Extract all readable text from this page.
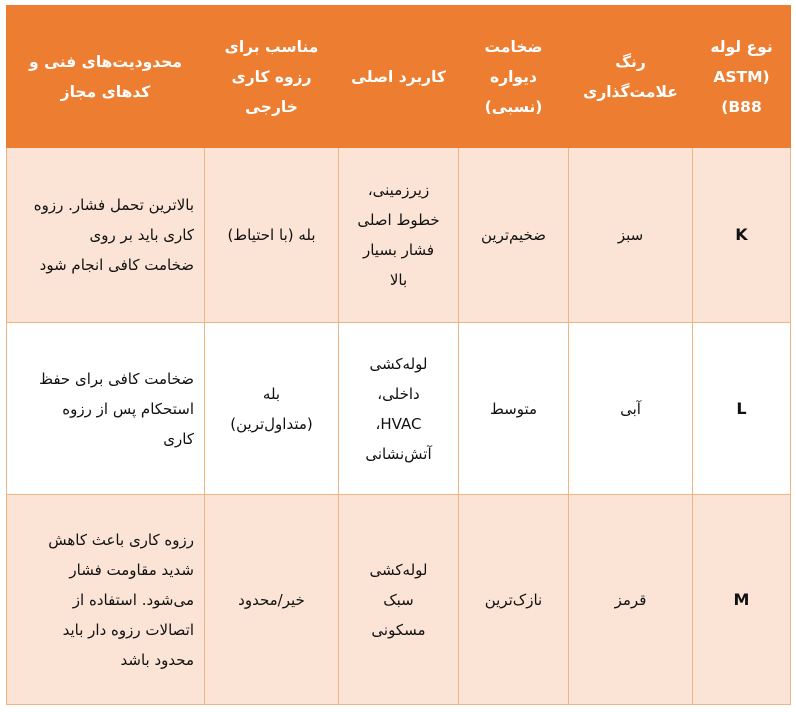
نوع لوله
(ASTM
B88)	رنگ
علامت‌گذاری	ضخامت
دیواره
(نسبی)	کاربرد اصلی	مناسب برای
رزوه کاری
خارجی	محدودیت‌های فنی و
کدهای مجاز

K	سبز	ضخیم‌ترین	زیرزمینی،
خطوط اصلی
فشار بسیار
بالا	بله (با احتیاط)	بالاترین تحمل فشار. رزوه
کاری باید بر روی
ضخامت کافی انجام شود

L	آبی	متوسط	لوله‌کشی
داخلی،
HVAC،
آتش‌نشانی	بله
(متداول‌ترین)	ضخامت کافی برای حفظ
استحکام پس از رزوه
کاری

M	قرمز	نازک‌ترین	لوله‌کشی
سبک
مسکونی	خیر/محدود	رزوه کاری باعث کاهش
شدید مقاومت فشار
می‌شود. استفاده از
اتصالات رزوه دار باید
محدود باشد
